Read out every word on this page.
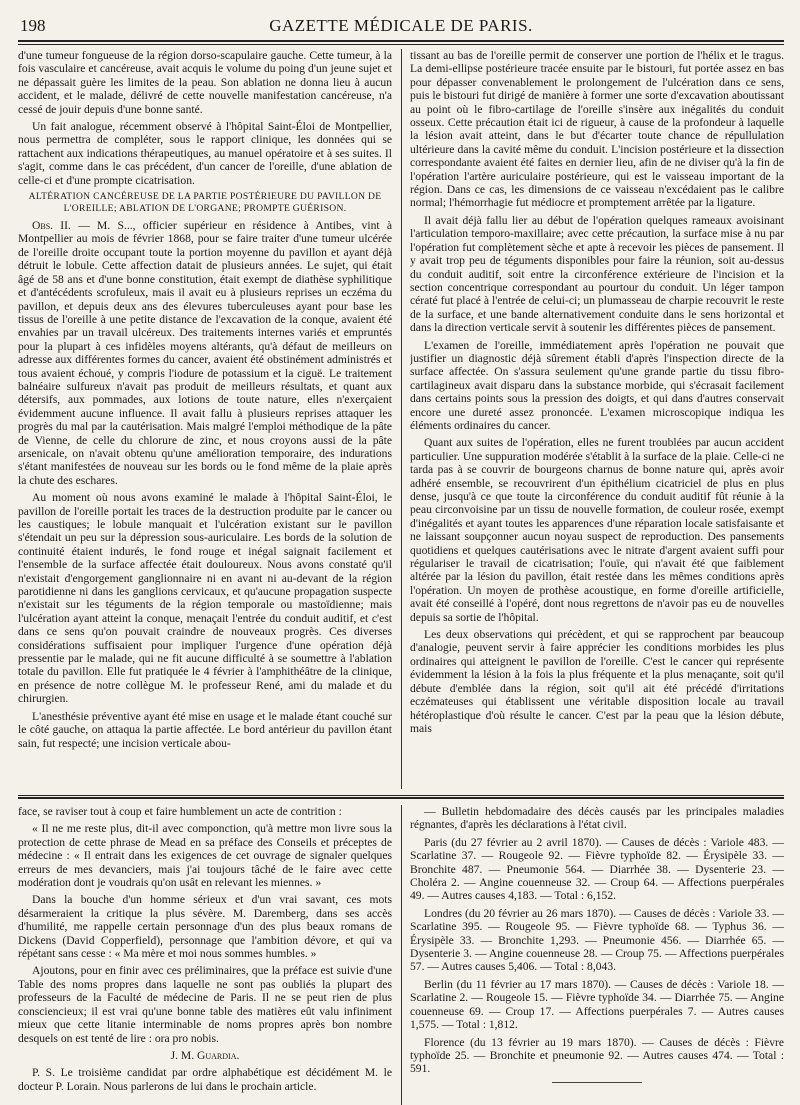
198	GAZETTE MÉDICALE DE PARIS.

d'une tumeur fongueuse de la région dorso-scapulaire gauche. Cette tumeur, à la fois vasculaire et cancéreuse, avait acquis le volume du poing d'un jeune sujet et ne dépassait guère les limites de la peau. Son ablation ne donna lieu à aucun accident, et le malade, délivré de cette nouvelle manifestation cancéreuse, n'a cessé de jouir depuis d'une bonne santé.

Un fait analogue, récemment observé à l'hôpital Saint-Éloi de Montpellier, nous permettra de compléter, sous le rapport clinique, les données qui se rattachent aux indications thérapeutiques, au manuel opératoire et à ses suites. Il s'agit, comme dans le cas précédent, d'un cancer de l'oreille, d'une ablation de celle-ci et d'une prompte cicatrisation.

ALTÉRATION CANCÉREUSE DE LA PARTIE POSTÉRIEURE DU PAVILLON DE L'OREILLE; ABLATION DE L'ORGANE; PROMPTE GUÉRISON.

Obs. II. — M. S..., officier supérieur en résidence à Antibes, vint à Montpellier au mois de février 1868, pour se faire traiter d'une tumeur ulcérée de l'oreille droite occupant toute la portion moyenne du pavillon et ayant déjà détruit le lobule. Cette affection datait de plusieurs années. Le sujet, qui était âgé de 58 ans et d'une bonne constitution, était exempt de diathèse syphilitique et d'antécédents scrofuleux, mais il avait eu à plusieurs reprises un eczéma du pavillon, et depuis deux ans des élevures tuberculeuses ayant pour base les tissus de l'oreille à une petite distance de l'excavation de la conque, avaient été envahies par un travail ulcéreux. Des traitements internes variés et empruntés pour la plupart à ces infidèles moyens altérants, qu'à défaut de meilleurs on adresse aux différentes formes du cancer, avaient été obstinément administrés et tous avaient échoué, y compris l'iodure de potassium et la ciguë. Le traitement balnéaire sulfureux n'avait pas produit de meilleurs résultats, et quant aux détersifs, aux pommades, aux lotions de toute nature, elles n'exerçaient évidemment aucune influence. Il avait fallu à plusieurs reprises attaquer les progrès du mal par la cautérisation. Mais malgré l'emploi méthodique de la pâte de Vienne, de celle du chlorure de zinc, et nous croyons aussi de la pâte arsenicale, on n'avait obtenu qu'une amélioration temporaire, des indurations s'étant manifestées de nouveau sur les bords ou le fond même de la plaie après la chute des eschares.

Au moment où nous avons examiné le malade à l'hôpital Saint-Éloi, le pavillon de l'oreille portait les traces de la destruction produite par le cancer ou les caustiques; le lobule manquait et l'ulcération existant sur le pavillon s'étendait un peu sur la dépression sous-auriculaire. Les bords de la solution de continuité étaient indurés, le fond rouge et inégal saignait facilement et l'ensemble de la surface affectée était douloureux. Nous avons constaté qu'il n'existait d'engorgement ganglionnaire ni en avant ni au-devant de la région parotidienne ni dans les ganglions cervicaux, et qu'aucune propagation suspecte n'existait sur les téguments de la région temporale ou mastoïdienne; mais l'ulcération ayant atteint la conque, menaçait l'entrée du conduit auditif, et c'est dans ce sens qu'on pouvait craindre de nouveaux progrès. Ces diverses considérations suffisaient pour impliquer l'urgence d'une opération déjà pressentie par le malade, qui ne fit aucune difficulté à se soumettre à l'ablation totale du pavillon. Elle fut pratiquée le 4 février à l'amphithéâtre de la clinique, en présence de notre collègue M. le professeur René, ami du malade et du chirurgien.

L'anesthésie préventive ayant été mise en usage et le malade étant couché sur le côté gauche, on attaqua la partie affectée. Le bord antérieur du pavillon étant sain, fut respecté; une incision verticale abou-

tissant au bas de l'oreille permit de conserver une portion de l'hélix et le tragus. La demi-ellipse postérieure tracée ensuite par le bistouri, fut portée assez en bas pour dépasser convenablement le prolongement de l'ulcération dans ce sens, puis le bistouri fut dirigé de manière à former une sorte d'excavation aboutissant au point où le fibro-cartilage de l'oreille s'insère aux inégalités du conduit osseux. Cette précaution était ici de rigueur, à cause de la profondeur à laquelle la lésion avait atteint, dans le but d'écarter toute chance de répullulation ultérieure dans la cavité même du conduit. L'incision postérieure et la dissection correspondante avaient été faites en dernier lieu, afin de ne diviser qu'à la fin de l'opération l'artère auriculaire postérieure, qui est le vaisseau important de la région. Dans ce cas, les dimensions de ce vaisseau n'excédaient pas le calibre normal; l'hémorrhagie fut médiocre et promptement arrêtée par la ligature.

Il avait déjà fallu lier au début de l'opération quelques rameaux avoisinant l'articulation temporo-maxillaire; avec cette précaution, la surface mise à nu par l'opération fut complètement sèche et apte à recevoir les pièces de pansement. Il y avait trop peu de téguments disponibles pour faire la réunion, soit au-dessus du conduit auditif, soit entre la circonférence extérieure de l'incision et la section concentrique correspondant au pourtour du conduit. Un léger tampon cératé fut placé à l'entrée de celui-ci; un plumasseau de charpie recouvrit le reste de la surface, et une bande alternativement conduite dans le sens horizontal et dans la direction verticale servit à soutenir les différentes pièces de pansement.

L'examen de l'oreille, immédiatement après l'opération ne pouvait que justifier un diagnostic déjà sûrement établi d'après l'inspection directe de la surface affectée. On s'assura seulement qu'une grande partie du tissu fibro-cartilagineux avait disparu dans la substance morbide, qui s'écrasait facilement dans certains points sous la pression des doigts, et qui dans d'autres conservait encore une dureté assez prononcée. L'examen microscopique indiqua les éléments ordinaires du cancer.

Quant aux suites de l'opération, elles ne furent troublées par aucun accident particulier. Une suppuration modérée s'établit à la surface de la plaie. Celle-ci ne tarda pas à se couvrir de bourgeons charnus de bonne nature qui, après avoir adhéré ensemble, se recouvrirent d'un épithélium cicatriciel de plus en plus dense, jusqu'à ce que toute la circonférence du conduit auditif fût réunie à la peau circonvoisine par un tissu de nouvelle formation, de couleur rosée, exempt d'inégalités et ayant toutes les apparences d'une réparation locale satisfaisante et ne laissant soupçonner aucun noyau suspect de reproduction. Des pansements quotidiens et quelques cautérisations avec le nitrate d'argent avaient suffi pour régulariser le travail de cicatrisation; l'ouïe, qui n'avait été que faiblement altérée par la lésion du pavillon, était restée dans les mêmes conditions après l'opération. Un moyen de prothèse acoustique, en forme d'oreille artificielle, avait été conseillé à l'opéré, dont nous regrettons de n'avoir pas eu de nouvelles depuis sa sortie de l'hôpital.

Les deux observations qui précèdent, et qui se rapprochent par beaucoup d'analogie, peuvent servir à faire apprécier les conditions morbides les plus ordinaires qui atteignent le pavillon de l'oreille. C'est le cancer qui représente évidemment la lésion à la fois la plus fréquente et la plus menaçante, soit qu'il débute d'emblée dans la région, soit qu'il ait été précédé d'irritations eczémateuses qui établissent une véritable disposition locale au travail hétéroplastique d'où résulte le cancer. C'est par la peau que la lésion débute, mais

face, se raviser tout à coup et faire humblement un acte de contrition :

« Il ne me reste plus, dit-il avec componction, qu'à mettre mon livre sous la protection de cette phrase de Mead en sa préface des Conseils et préceptes de médecine : « Il entrait dans les exigences de cet ouvrage de signaler quelques erreurs de mes devanciers, mais j'ai toujours tâché de le faire avec cette modération dont je voudrais qu'on usât en relevant les miennes. »

Dans la bouche d'un homme sérieux et d'un vrai savant, ces mots désarmeraient la critique la plus sévère. M. Daremberg, dans ses accès d'humilité, me rappelle certain personnage d'un des plus beaux romans de Dickens (David Copperfield), personnage que l'ambition dévore, et qui va répétant sans cesse : « Ma mère et moi nous sommes humbles. »

Ajoutons, pour en finir avec ces préliminaires, que la préface est suivie d'une Table des noms propres dans laquelle ne sont pas oubliés la plupart des professeurs de la Faculté de médecine de Paris. Il ne se peut rien de plus consciencieux; il est vrai qu'une bonne table des matières eût valu infiniment mieux que cette litanie interminable de noms propres après bon nombre desquels on est tenté de lire : ora pro nobis.

J. M. Guardia.

P. S. Le troisième candidat par ordre alphabétique est décidément M. le docteur P. Lorain. Nous parlerons de lui dans le prochain article.

— Bulletin hebdomadaire des décès causés par les principales maladies régnantes, d'après les déclarations à l'état civil.

Paris (du 27 février au 2 avril 1870). — Causes de décès : Variole 483. — Scarlatine 37. — Rougeole 92. — Fièvre typhoïde 82. — Érysipèle 33. — Bronchite 487. — Pneumonie 564. — Diarrhée 38. — Dysenterie 23. — Choléra 2. — Angine couenneuse 32. — Croup 64. — Affections puerpérales 49. — Autres causes 4,183. — Total : 6,152.

Londres (du 20 février au 26 mars 1870). — Causes de décès : Variole 33. — Scarlatine 395. — Rougeole 95. — Fièvre typhoïde 68. — Typhus 36. — Érysipèle 33. — Bronchite 1,293. — Pneumonie 456. — Diarrhée 65. — Dysenterie 3. — Angine couenneuse 28. — Croup 75. — Affections puerpérales 57. — Autres causes 5,406. — Total : 8,043.

Berlin (du 11 février au 17 mars 1870). — Causes de décès : Variole 18. — Scarlatine 2. — Rougeole 15. — Fièvre typhoïde 34. — Diarrhée 75. — Angine couenneuse 69. — Croup 17. — Affections puerpérales 7. — Autres causes 1,575. — Total : 1,812.

Florence (du 13 février au 19 mars 1870). — Causes de décès : Fièvre typhoïde 25. — Bronchite et pneumonie 92. — Autres causes 474. — Total : 591.
